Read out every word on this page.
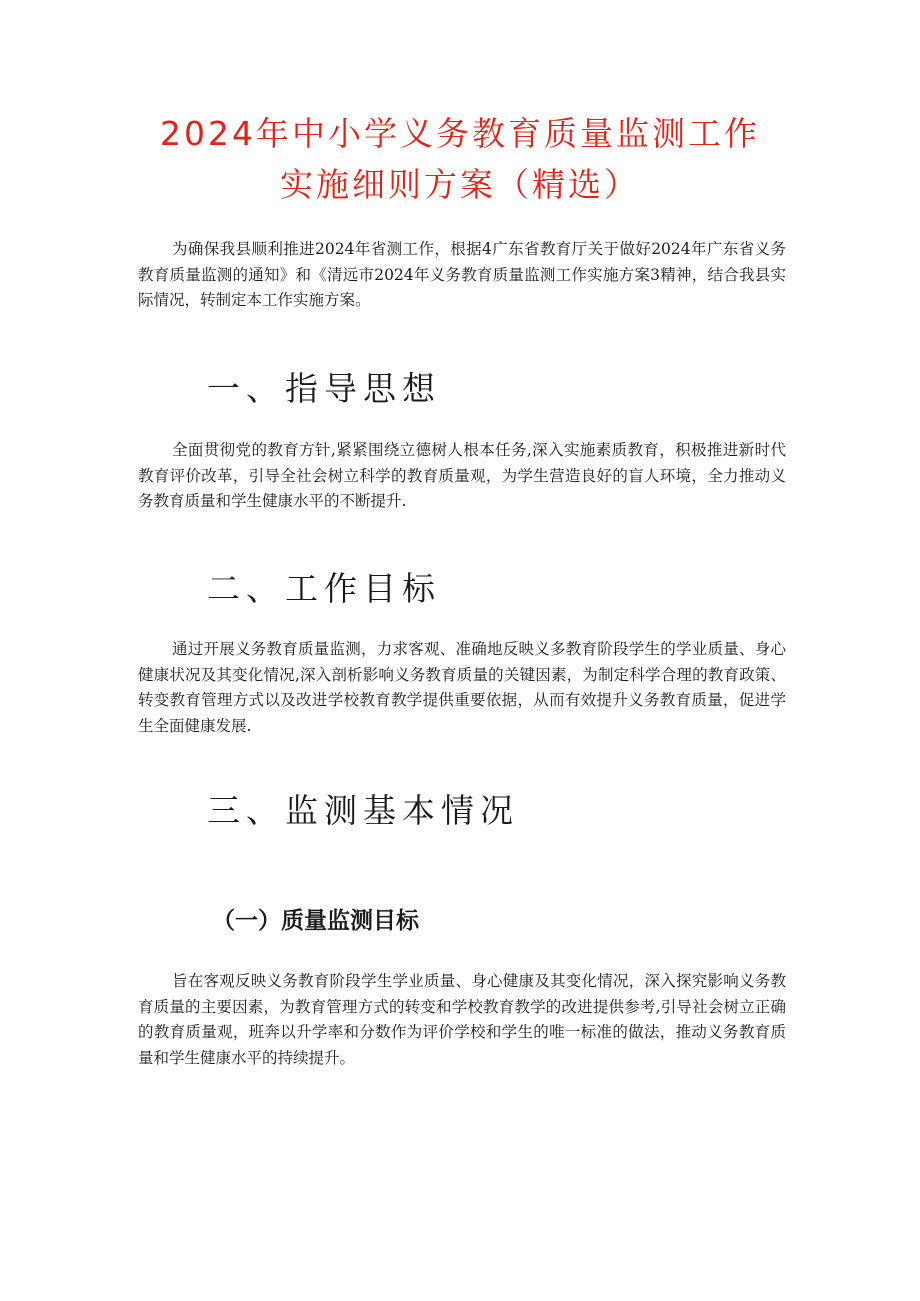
2024年中小学义务教育质量监测工作
实施细则方案（精选）

为确保我县顺利推进2024年省测工作，根据4广东省教育厅关于做好2024年广东省义务教育质量监测的通知》和《清远市2024年义务教育质量监测工作实施方案3精神，结合我县实际情况，转制定本工作实施方案。

一、指导思想

全面贯彻党的教育方针,紧紧围绕立德树人根本任务,深入实施素质教育，积极推进新时代教育评价改革，引导全社会树立科学的教育质量观，为学生营造良好的盲人环境，全力推动义务教育质量和学生健康水平的不断提升.

二、工作目标

通过开展义务教育质量监测，力求客观、准确地反映义多教育阶段学生的学业质量、身心健康状况及其变化情况,深入剖析影响义务教育质量的关键因素，为制定科学合理的教育政策、转变教育管理方式以及改进学校教育教学提供重要依据，从而有效提升义务教育质量，促进学生全面健康发展.

三、监测基本情况
（一）质量监测目标

旨在客观反映义务教育阶段学生学业质量、身心健康及其变化情况，深入探究影响义务教育质量的主要因素，为教育管理方式的转变和学校教育教学的改进提供参考,引导社会树立正确的教育质量观，班奔以升学率和分数作为评价学校和学生的唯一标准的做法，推动义务教育质量和学生健康水平的持续提升。
